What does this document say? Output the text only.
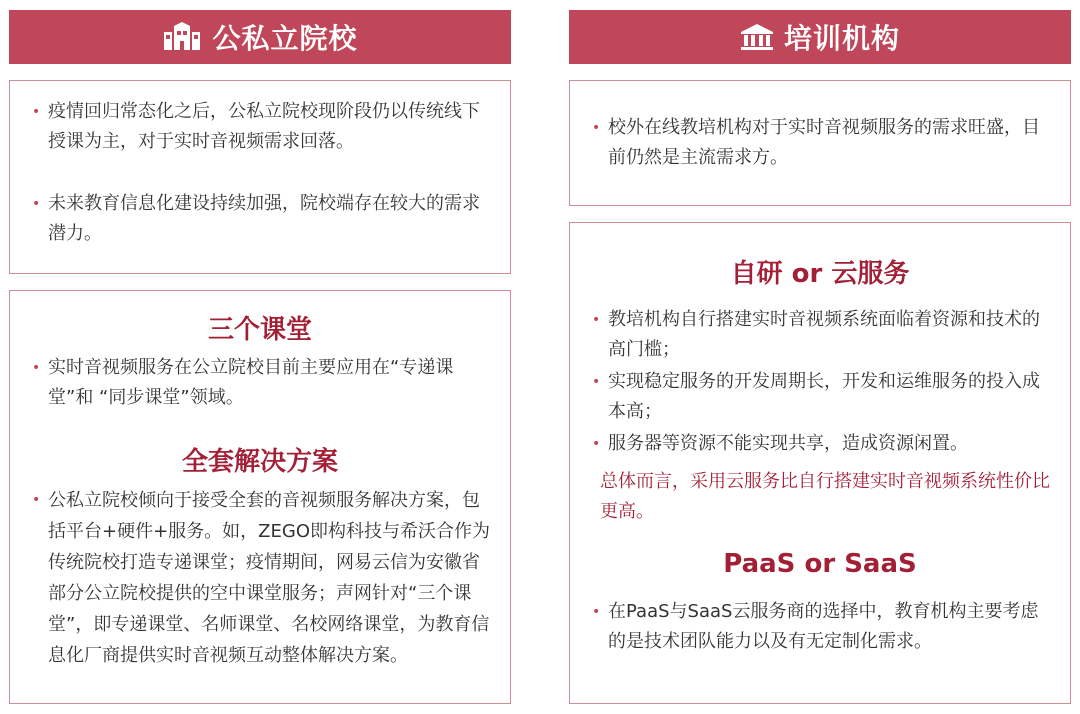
公私立院校	培训机构
• 疫情回归常态化之后，公私立院校现阶段仍以传统线下授课为主，对于实时音视频需求回落。
• 未来教育信息化建设持续加强，院校端存在较大的需求潜力。
三个课堂
• 实时音视频服务在公立院校目前主要应用在“专递课堂”和 “同步课堂”领域。
全套解决方案
• 公私立院校倾向于接受全套的音视频服务解决方案，包括平台+硬件+服务。如，ZEGO即构科技与希沃合作为传统院校打造专递课堂；疫情期间，网易云信为安徽省部分公立院校提供的空中课堂服务；声网针对“三个课堂”，即专递课堂、名师课堂、名校网络课堂，为教育信息化厂商提供实时音视频互动整体解决方案。
• 校外在线教培机构对于实时音视频服务的需求旺盛，目前仍然是主流需求方。
自研 or 云服务
• 教培机构自行搭建实时音视频系统面临着资源和技术的高门槛；
• 实现稳定服务的开发周期长，开发和运维服务的投入成本高；
• 服务器等资源不能实现共享，造成资源闲置。
总体而言，采用云服务比自行搭建实时音视频系统性价比更高。
PaaS or SaaS
• 在PaaS与SaaS云服务商的选择中，教育机构主要考虑的是技术团队能力以及有无定制化需求。
